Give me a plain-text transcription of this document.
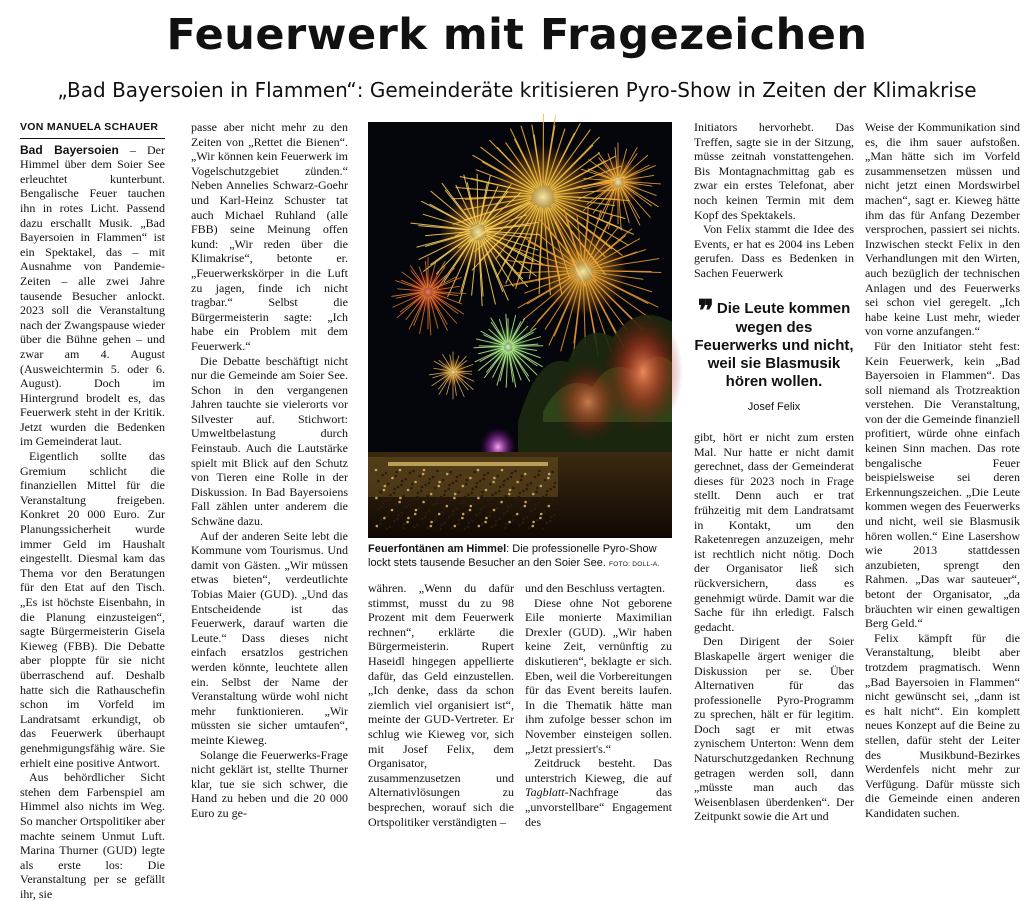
Feuerwerk mit Fragezeichen
„Bad Bayersoien in Flammen“: Gemeinderäte kritisieren Pyro-Show in Zeiten der Klimakrise
VON MANUELA SCHAUER

Bad Bayersoien – Der Himmel über dem Soier See erleuchtet kunterbunt. Bengalische Feuer tauchen ihn in rotes Licht. Passend dazu erschallt Musik. „Bad Bayersoien in Flammen“ ist ein Spektakel, das – mit Ausnahme von Pandemie-Zeiten – alle zwei Jahre tausende Besucher anlockt. 2023 soll die Veranstaltung nach der Zwangspause wieder über die Bühne gehen – und zwar am 4. August (Ausweichtermin 5. oder 6. August). Doch im Hintergrund brodelt es, das Feuerwerk steht in der Kritik. Jetzt wurden die Bedenken im Gemeinderat laut.

Eigentlich sollte das Gremium schlicht die finanziellen Mittel für die Veranstaltung freigeben. Konkret 20 000 Euro. Zur Planungssicherheit wurde immer Geld im Haushalt eingestellt. Diesmal kam das Thema vor den Beratungen für den Etat auf den Tisch. „Es ist höchste Eisenbahn, in die Planung einzusteigen“, sagte Bürgermeisterin Gisela Kieweg (FBB). Die Debatte aber ploppte für sie nicht überraschend auf. Deshalb hatte sich die Rathauschefin schon im Vorfeld im Landratsamt erkundigt, ob das Feuerwerk überhaupt genehmigungsfähig wäre. Sie erhielt eine positive Antwort.

Aus behördlicher Sicht stehen dem Farbenspiel am Himmel also nichts im Weg. So mancher Ortspolitiker aber machte seinem Unmut Luft. Marina Thurner (GUD) legte als erste los: Die Veranstaltung per se gefällt ihr, sie

passe aber nicht mehr zu den Zeiten von „Rettet die Bienen“. „Wir können kein Feuerwerk im Vogelschutzgebiet zünden.“ Neben Annelies Schwarz-Goehr und Karl-Heinz Schuster tat auch Michael Ruhland (alle FBB) seine Meinung offen kund: „Wir reden über die Klimakrise“, betonte er. „Feuerwerkskörper in die Luft zu jagen, finde ich nicht tragbar.“ Selbst die Bürgermeisterin sagte: „Ich habe ein Problem mit dem Feuerwerk.“

Die Debatte beschäftigt nicht nur die Gemeinde am Soier See. Schon in den vergangenen Jahren tauchte sie vielerorts vor Silvester auf. Stichwort: Umweltbelastung durch Feinstaub. Auch die Lautstärke spielt mit Blick auf den Schutz von Tieren eine Rolle in der Diskussion. In Bad Bayersoiens Fall zählen unter anderem die Schwäne dazu.

Auf der anderen Seite lebt die Kommune vom Tourismus. Und damit von Gästen. „Wir müssen etwas bieten“, verdeutlichte Tobias Maier (GUD). „Und das Entscheidende ist das Feuerwerk, darauf warten die Leute.“ Dass dieses nicht einfach ersatzlos gestrichen werden könnte, leuchtete allen ein. Selbst der Name der Veranstaltung würde wohl nicht mehr funktionieren. „Wir müssten sie sicher umtaufen“, meinte Kieweg.

Solange die Feuerwerks-Frage nicht geklärt ist, stellte Thurner klar, tue sie sich schwer, die Hand zu heben und die 20 000 Euro zu ge-

Feuerfontänen am Himmel: Die professionelle Pyro-Show lockt stets tausende Besucher an den Soier See. FOTO: DOLL-A.

währen. „Wenn du dafür stimmst, musst du zu 98 Prozent mit dem Feuerwerk rechnen“, erklärte die Bürgermeisterin. Rupert Haseidl hingegen appellierte dafür, das Geld einzustellen. „Ich denke, dass da schon ziemlich viel organisiert ist“, meinte der GUD-Vertreter. Er schlug wie Kieweg vor, sich mit Josef Felix, dem Organisator, zusammenzusetzen und Alternativlösungen zu besprechen, worauf sich die Ortspolitiker verständigten –

und den Beschluss vertagten.

Diese ohne Not geborene Eile monierte Maximilian Drexler (GUD). „Wir haben keine Zeit, vernünftig zu diskutieren“, beklagte er sich. Eben, weil die Vorbereitungen für das Event bereits laufen. In die Thematik hätte man ihm zufolge besser schon im November einsteigen sollen. „Jetzt pressiert's.“

Zeitdruck besteht. Das unterstrich Kieweg, die auf Tagblatt-Nachfrage das „unvorstellbare“ Engagement des

Initiators hervorhebt. Das Treffen, sagte sie in der Sitzung, müsse zeitnah vonstattengehen. Bis Montagnachmittag gab es zwar ein erstes Telefonat, aber noch keinen Termin mit dem Kopf des Spektakels.

Von Felix stammt die Idee des Events, er hat es 2004 ins Leben gerufen. Dass es Bedenken in Sachen Feuerwerk

❞ Die Leute kommen wegen des Feuerwerks und nicht, weil sie Blasmusik hören wollen.
Josef Felix

gibt, hört er nicht zum ersten Mal. Nur hatte er nicht damit gerechnet, dass der Gemeinderat dieses für 2023 noch in Frage stellt. Denn auch er trat frühzeitig mit dem Landratsamt in Kontakt, um den Raketenregen anzuzeigen, mehr ist rechtlich nicht nötig. Doch der Organisator ließ sich rückversichern, dass es genehmigt würde. Damit war die Sache für ihn erledigt. Falsch gedacht.

Den Dirigent der Soier Blaskapelle ärgert weniger die Diskussion per se. Über Alternativen für das professionelle Pyro-Programm zu sprechen, hält er für legitim. Doch sagt er mit etwas zynischem Unterton: Wenn dem Naturschutzgedanken Rechnung getragen werden soll, dann „müsste man auch das Weisenblasen überdenken“. Der Zeitpunkt sowie die Art und

Weise der Kommunikation sind es, die ihm sauer aufstoßen. „Man hätte sich im Vorfeld zusammensetzen müssen und nicht jetzt einen Mordswirbel machen“, sagt er. Kieweg hätte ihm das für Anfang Dezember versprochen, passiert sei nichts. Inzwischen steckt Felix in den Verhandlungen mit den Wirten, auch bezüglich der technischen Anlagen und des Feuerwerks sei schon viel geregelt. „Ich habe keine Lust mehr, wieder von vorne anzufangen.“

Für den Initiator steht fest: Kein Feuerwerk, kein „Bad Bayersoien in Flammen“. Das soll niemand als Trotzreaktion verstehen. Die Veranstaltung, von der die Gemeinde finanziell profitiert, würde ohne einfach keinen Sinn machen. Das rote bengalische Feuer beispielsweise sei deren Erkennungszeichen. „Die Leute kommen wegen des Feuerwerks und nicht, weil sie Blasmusik hören wollen.“ Eine Lasershow wie 2013 stattdessen anzubieten, sprengt den Rahmen. „Das war sauteuer“, betont der Organisator, „da bräuchten wir einen gewaltigen Berg Geld.“

Felix kämpft für die Veranstaltung, bleibt aber trotzdem pragmatisch. Wenn „Bad Bayersoien in Flammen“ nicht gewünscht sei, „dann ist es halt nicht“. Ein komplett neues Konzept auf die Beine zu stellen, dafür steht der Leiter des Musikbund-Bezirkes Werdenfels nicht mehr zur Verfügung. Dafür müsste sich die Gemeinde einen anderen Kandidaten suchen.
